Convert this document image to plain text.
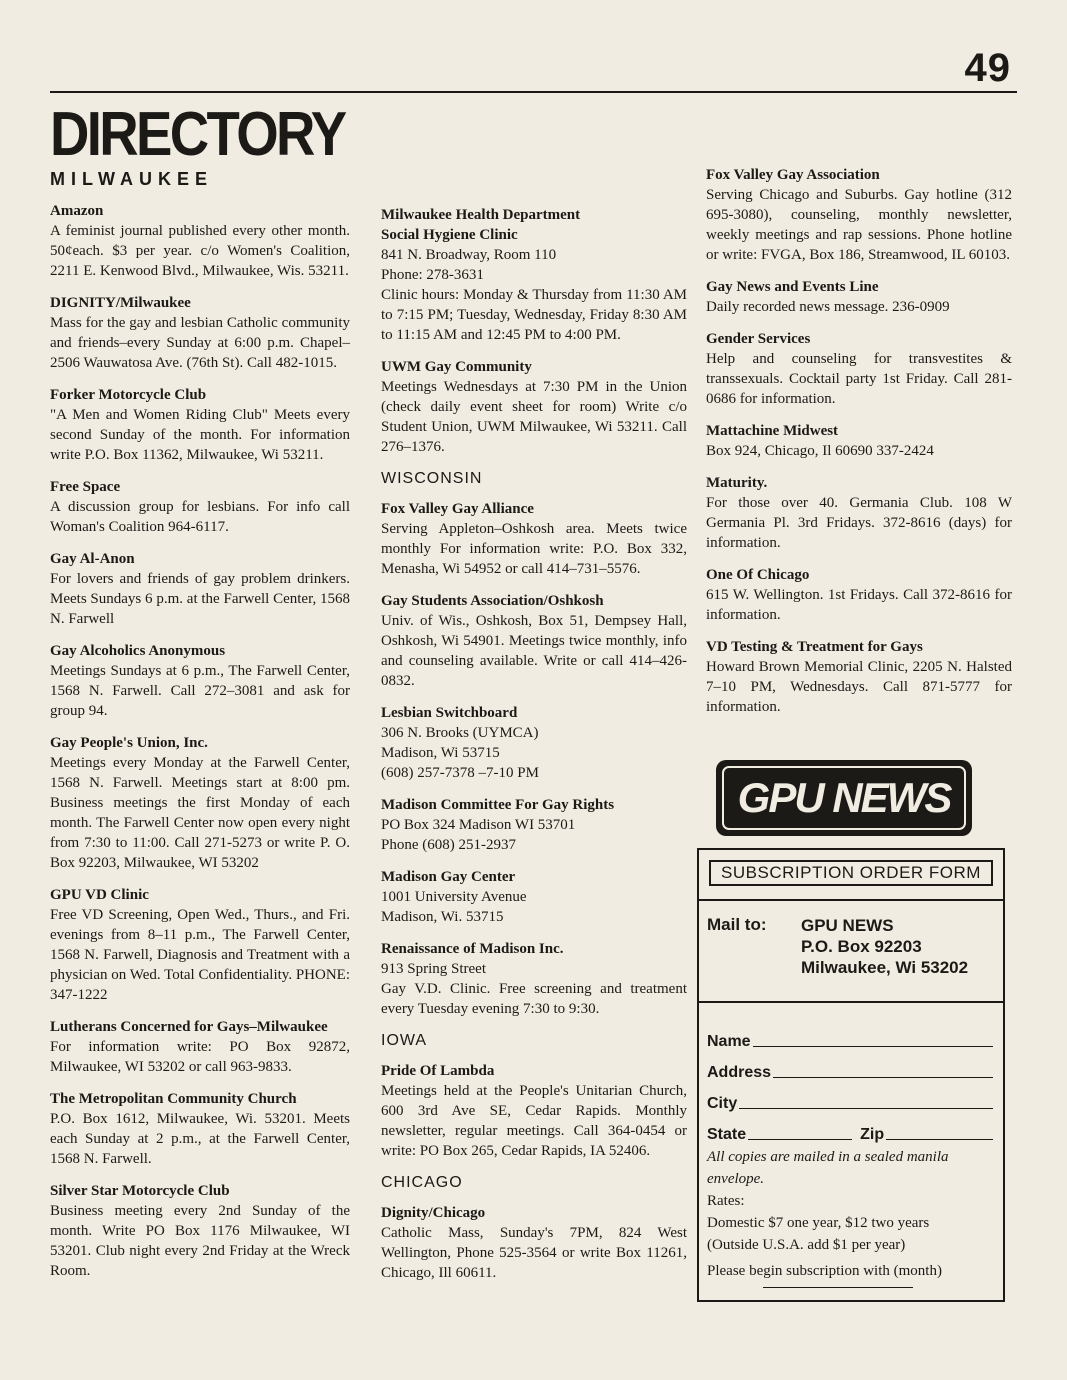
49
DIRECTORY
MILWAUKEE
Amazon
A feminist journal published every other month. 50¢each. $3 per year. c/o Women's Coalition, 2211 E. Kenwood Blvd., Milwaukee, Wis. 53211.
DIGNITY/Milwaukee
Mass for the gay and lesbian Catholic community and friends–every Sunday at 6:00 p.m. Chapel–2506 Wauwatosa Ave. (76th St). Call 482-1015.
Forker Motorcycle Club
"A Men and Women Riding Club" Meets every second Sunday of the month. For information write P.O. Box 11362, Milwaukee, Wi 53211.
Free Space
A discussion group for lesbians. For info call Woman's Coalition 964-6117.
Gay Al-Anon
For lovers and friends of gay problem drinkers. Meets Sundays 6 p.m. at the Farwell Center, 1568 N. Farwell
Gay Alcoholics Anonymous
Meetings Sundays at 6 p.m., The Farwell Center, 1568 N. Farwell. Call 272–3081 and ask for group 94.
Gay People's Union, Inc.
Meetings every Monday at the Farwell Center, 1568 N. Farwell. Meetings start at 8:00 pm. Business meetings the first Monday of each month. The Farwell Center now open every night from 7:30 to 11:00. Call 271-5273 or write P. O. Box 92203, Milwaukee, WI 53202
GPU VD Clinic
Free VD Screening, Open Wed., Thurs., and Fri. evenings from 8–11 p.m., The Farwell Center, 1568 N. Farwell, Diagnosis and Treatment with a physician on Wed. Total Confidentiality. PHONE: 347-1222
Lutherans Concerned for Gays–Milwaukee
For information write: PO Box 92872, Milwaukee, WI 53202 or call 963-9833.
The Metropolitan Community Church
P.O. Box 1612, Milwaukee, Wi. 53201. Meets each Sunday at 2 p.m., at the Farwell Center, 1568 N. Farwell.
Silver Star Motorcycle Club
Business meeting every 2nd Sunday of the month. Write PO Box 1176 Milwaukee, WI 53201. Club night every 2nd Friday at the Wreck Room.
Milwaukee Health Department
Social Hygiene Clinic
841 N. Broadway, Room 110
Phone: 278-3631
Clinic hours: Monday & Thursday from 11:30 AM to 7:15 PM; Tuesday, Wednesday, Friday 8:30 AM to 11:15 AM and 12:45 PM to 4:00 PM.
UWM Gay Community
Meetings Wednesdays at 7:30 PM in the Union (check daily event sheet for room) Write c/o Student Union, UWM Milwaukee, Wi 53211. Call 276–1376.
WISCONSIN
Fox Valley Gay Alliance
Serving Appleton–Oshkosh area. Meets twice monthly For information write: P.O. Box 332, Menasha, Wi 54952 or call 414–731–5576.
Gay Students Association/Oshkosh
Univ. of Wis., Oshkosh, Box 51, Dempsey Hall, Oshkosh, Wi 54901. Meetings twice monthly, info and counseling available. Write or call 414–426-0832.
Lesbian Switchboard
306 N. Brooks (UYMCA)
Madison, Wi 53715
(608) 257-7378 –7-10 PM
Madison Committee For Gay Rights
PO Box 324 Madison WI 53701
Phone (608) 251-2937
Madison Gay Center
1001 University Avenue
Madison, Wi. 53715
Renaissance of Madison Inc.
913 Spring Street
Gay V.D. Clinic. Free screening and treatment every Tuesday evening 7:30 to 9:30.
IOWA
Pride Of Lambda
Meetings held at the People's Unitarian Church, 600 3rd Ave SE, Cedar Rapids. Monthly newsletter, regular meetings. Call 364-0454 or write: PO Box 265, Cedar Rapids, IA 52406.
CHICAGO
Dignity/Chicago
Catholic Mass, Sunday's 7PM, 824 West Wellington, Phone 525-3564 or write Box 11261, Chicago, Ill 60611.
Fox Valley Gay Association
Serving Chicago and Suburbs. Gay hotline (312 695-3080), counseling, monthly newsletter, weekly meetings and rap sessions. Phone hotline or write: FVGA, Box 186, Streamwood, IL 60103.
Gay News and Events Line
Daily recorded news message. 236-0909
Gender Services
Help and counseling for transvestites & transsexuals. Cocktail party 1st Friday. Call 281-0686 for information.
Mattachine Midwest
Box 924, Chicago, Il 60690 337-2424
Maturity.
For those over 40. Germania Club. 108 W Germania Pl. 3rd Fridays. 372-8616 (days) for information.
One Of Chicago
615 W. Wellington. 1st Fridays. Call 372-8616 for information.
VD Testing & Treatment for Gays
Howard Brown Memorial Clinic, 2205 N. Halsted 7–10 PM, Wednesdays. Call 871-5777 for information.
GPU NEWS
SUBSCRIPTION ORDER FORM
Mail to: GPU NEWS
P.O. Box 92203
Milwaukee, Wi 53202
Name
Address
City
State	Zip
All copies are mailed in a sealed manila envelope.
Rates:
Domestic $7 one year, $12 two years
(Outside U.S.A. add $1 per year)
Please begin subscription with (month)
